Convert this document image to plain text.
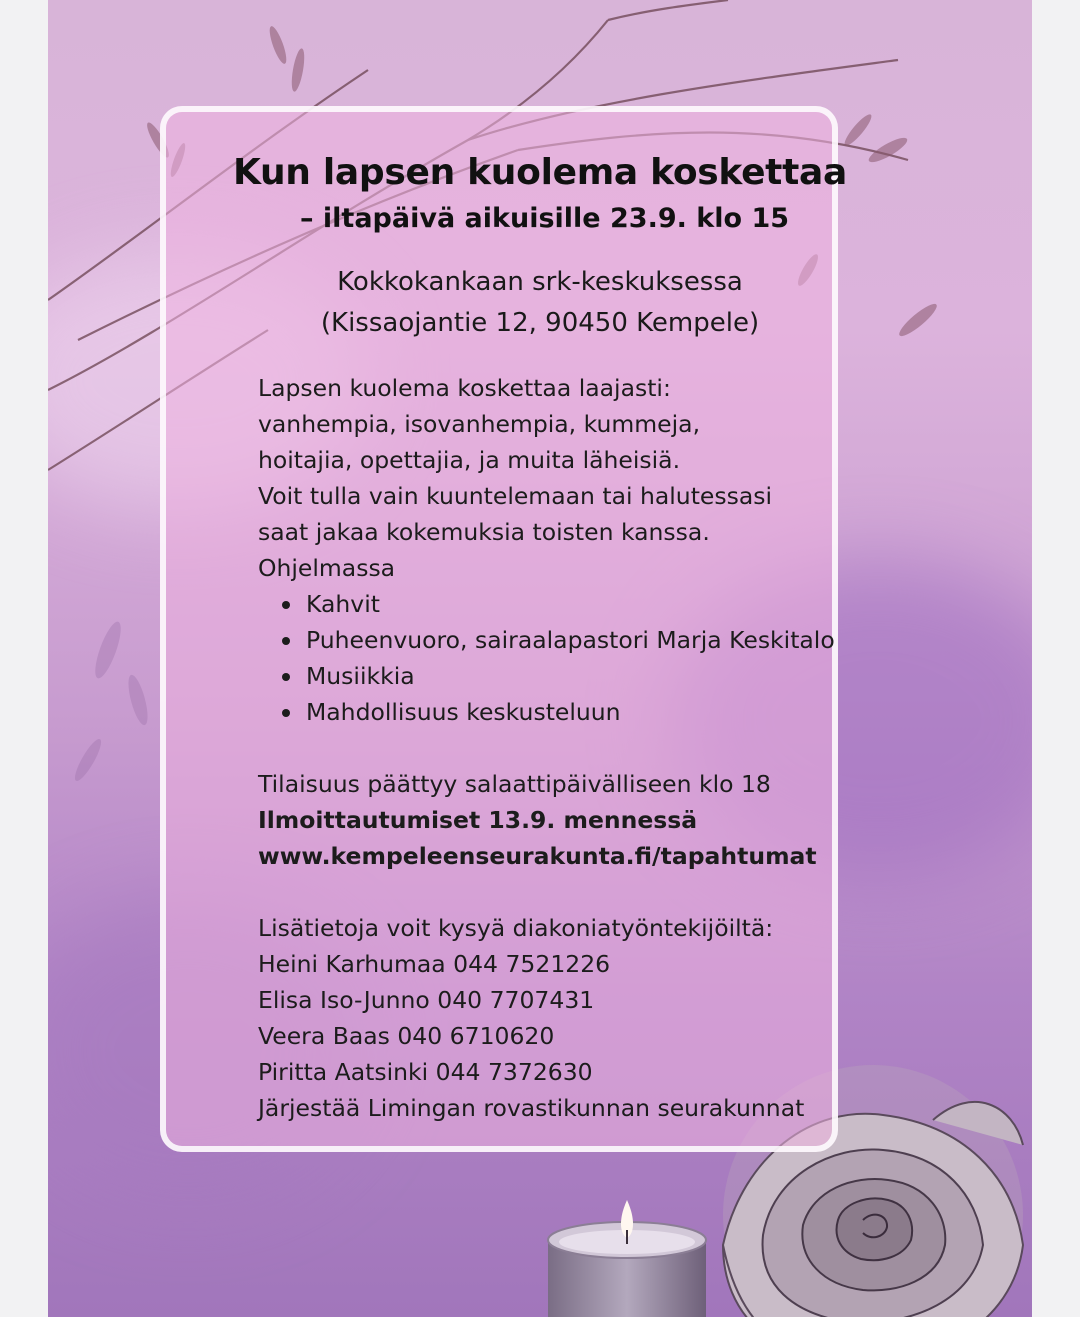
Kun lapsen kuolema koskettaa
– iltapäivä aikuisille 23.9. klo 15
Kokkokankaan srk-keskuksessa
(Kissaojantie 12, 90450 Kempele)
Lapsen kuolema koskettaa laajasti:
vanhempia, isovanhempia, kummeja,
hoitajia, opettajia, ja muita läheisiä.
Voit tulla vain kuuntelemaan tai halutessasi
saat jakaa kokemuksia toisten kanssa.
Ohjelmassa
Kahvit
Puheenvuoro, sairaalapastori Marja Keskitalo
Musiikkia
Mahdollisuus keskusteluun
Tilaisuus päättyy salaattipäivälliseen klo 18
Ilmoittautumiset 13.9. mennessä
www.kempeleenseurakunta.fi/tapahtumat
Lisätietoja voit kysyä diakoniatyöntekijöiltä:
Heini Karhumaa 044 7521226
Elisa Iso-Junno 040 7707431
Veera Baas 040 6710620
Piritta Aatsinki 044 7372630
Järjestää Limingan rovastikunnan seurakunnat
